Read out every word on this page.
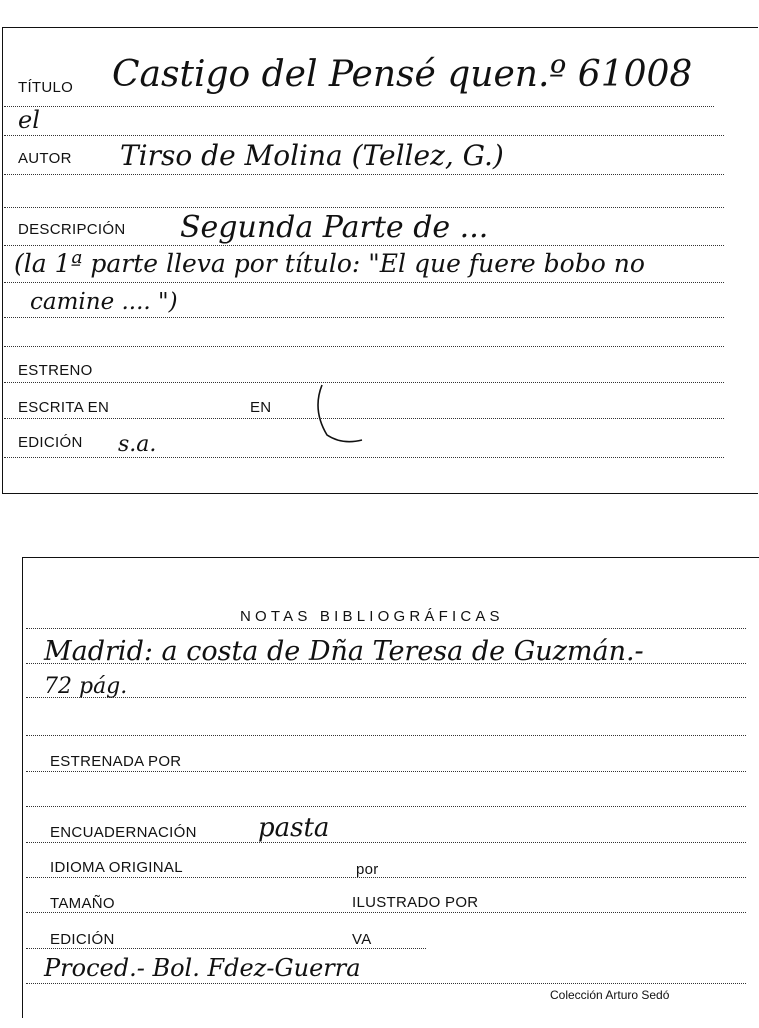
TÍTULO Castigo del Pensé quen.º 61008
el
AUTOR Tirso de Molina (Tellez, G.)
DESCRIPCIÓN Segunda Parte de ...
(la 1ª parte lleva por título: "El que fuere bobo no
camine .... ")
ESTRENO
ESCRITA EN	EN
EDICIÓN s.a.
NOTAS BIBLIOGRÁFICAS
Madrid: a costa de Dña Teresa de Guzmán.-
72 pág.
ESTRENADA POR
ENCUADERNACIÓN pasta
IDIOMA ORIGINAL	por
TAMAÑO	ILUSTRADO POR
EDICIÓN	VA
Proced.- Bol. Fdez-Guerra
Colección Arturo Sedó
